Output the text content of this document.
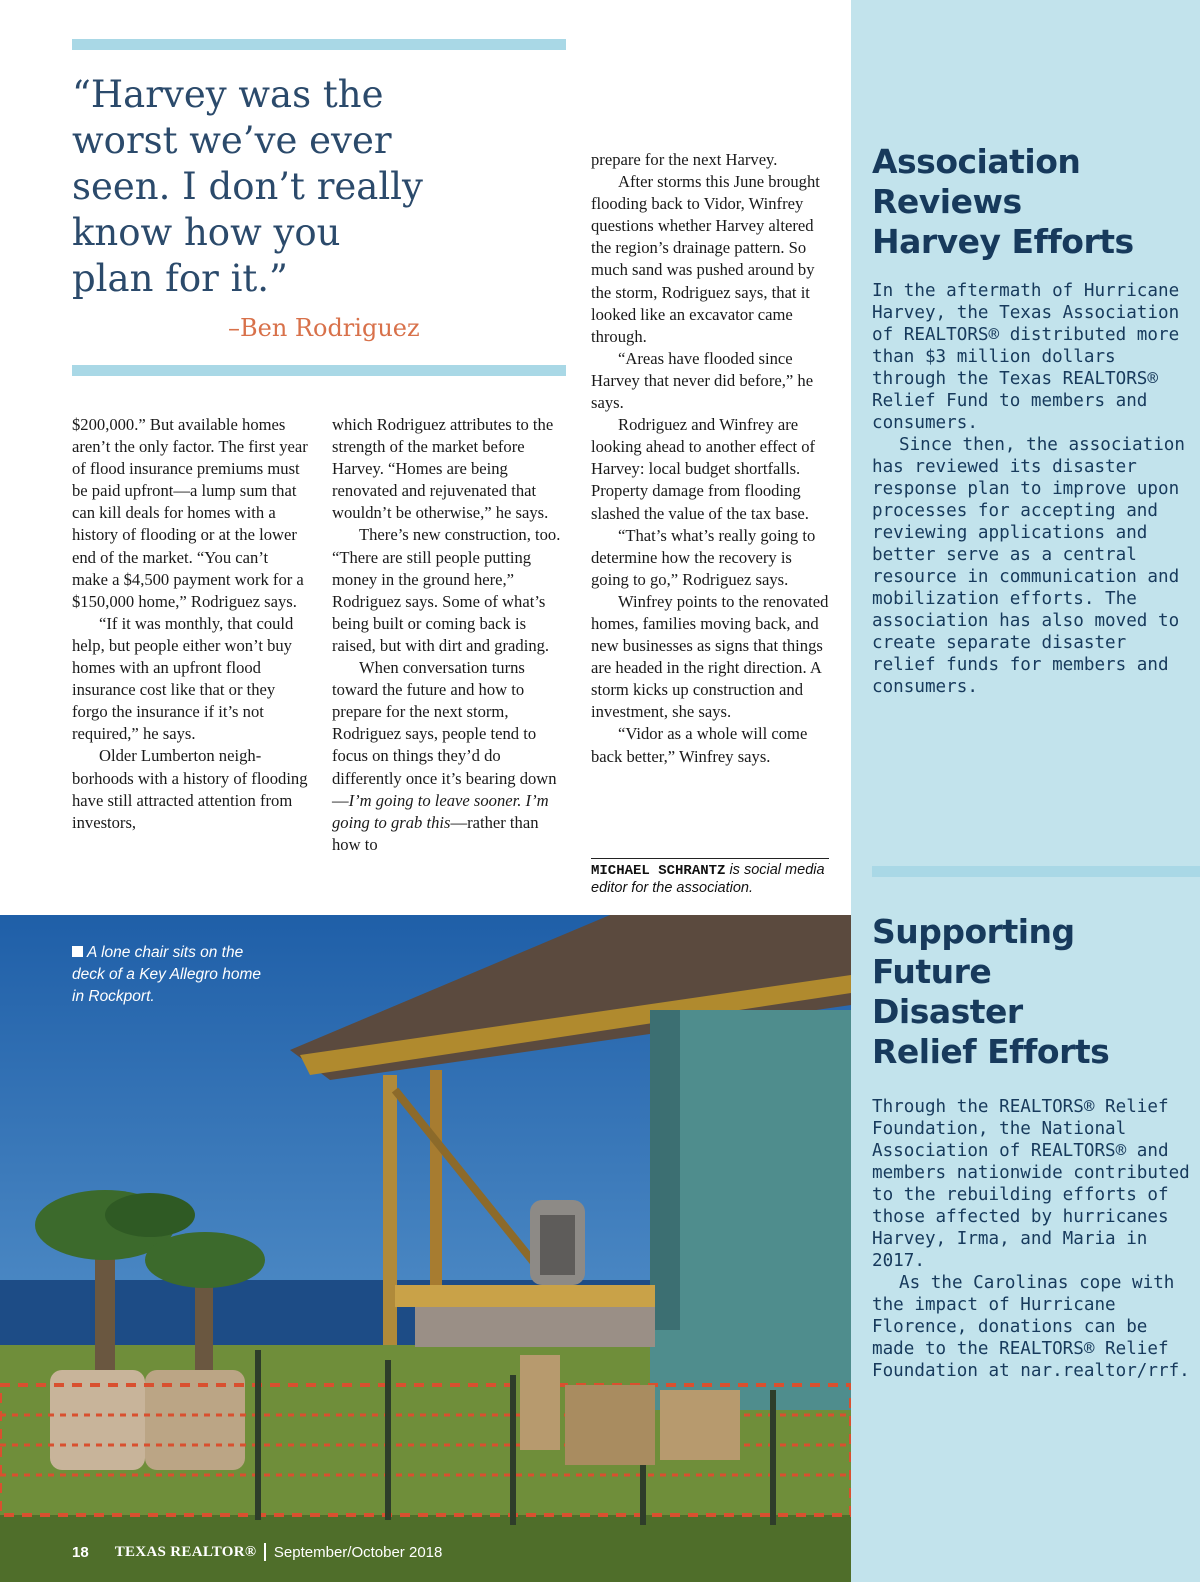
“Harvey was the
worst we’ve ever
seen. I don’t really
know how you
plan for it.”
–Ben Rodriguez

$200,000.” But available homes aren’t the only factor. The first year of flood insurance premiums must be paid upfront—a lump sum that can kill deals for homes with a history of flooding or at the lower end of the market. “You can’t make a $4,500 payment work for a $150,000 home,” Rodriguez says.

“If it was monthly, that could help, but people either won’t buy homes with an upfront flood insurance cost like that or they forgo the insurance if it’s not required,” he says.

Older Lumberton neighborhoods with a history of flooding have still attracted attention from investors,

which Rodriguez attributes to the strength of the market before Harvey. “Homes are being renovated and rejuvenated that wouldn’t be otherwise,” he says.

There’s new construction, too. “There are still people putting money in the ground here,” Rodriguez says. Some of what’s being built or coming back is raised, but with dirt and grading.

When conversation turns toward the future and how to prepare for the next storm, Rodriguez says, people tend to focus on things they’d do differently once it’s bearing down—I’m going to leave sooner. I’m going to grab this—rather than how to

prepare for the next Harvey.

After storms this June brought flooding back to Vidor, Winfrey questions whether Harvey altered the region’s drainage pattern. So much sand was pushed around by the storm, Rodriguez says, that it looked like an excavator came through.

“Areas have flooded since Harvey that never did before,” he says.

Rodriguez and Winfrey are looking ahead to another effect of Harvey: local budget shortfalls. Property damage from flooding slashed the value of the tax base.

“That’s what’s really going to determine how the recovery is going to go,” Rodriguez says.

Winfrey points to the renovated homes, families moving back, and new businesses as signs that things are headed in the right direction. A storm kicks up construction and investment, she says.

“Vidor as a whole will come back better,” Winfrey says.

MICHAEL SCHRANTZ is social media editor for the association.
Association
Reviews
Harvey Efforts

In the aftermath of Hurricane Harvey, the Texas Association of REALTORS® distributed more than $3 million dollars through the Texas REALTORS® Relief Fund to members and consumers.

Since then, the association has reviewed its disaster response plan to improve upon processes for accepting and reviewing applications and better serve as a central resource in communication and mobilization efforts. The association has also moved to create separate disaster relief funds for members and consumers.

Supporting
Future
Disaster
Relief Efforts

Through the REALTORS® Relief Foundation, the National Association of REALTORS® and members nationwide contributed to the rebuilding efforts of those affected by hurricanes Harvey, Irma, and Maria in 2017.

As the Carolinas cope with the impact of Hurricane Florence, donations can be made to the REALTORS® Relief Foundation at nar.realtor/rrf.

A lone chair sits on the deck of a Key Allegro home in Rockport.
18 TEXAS REALTOR® September/October 2018
